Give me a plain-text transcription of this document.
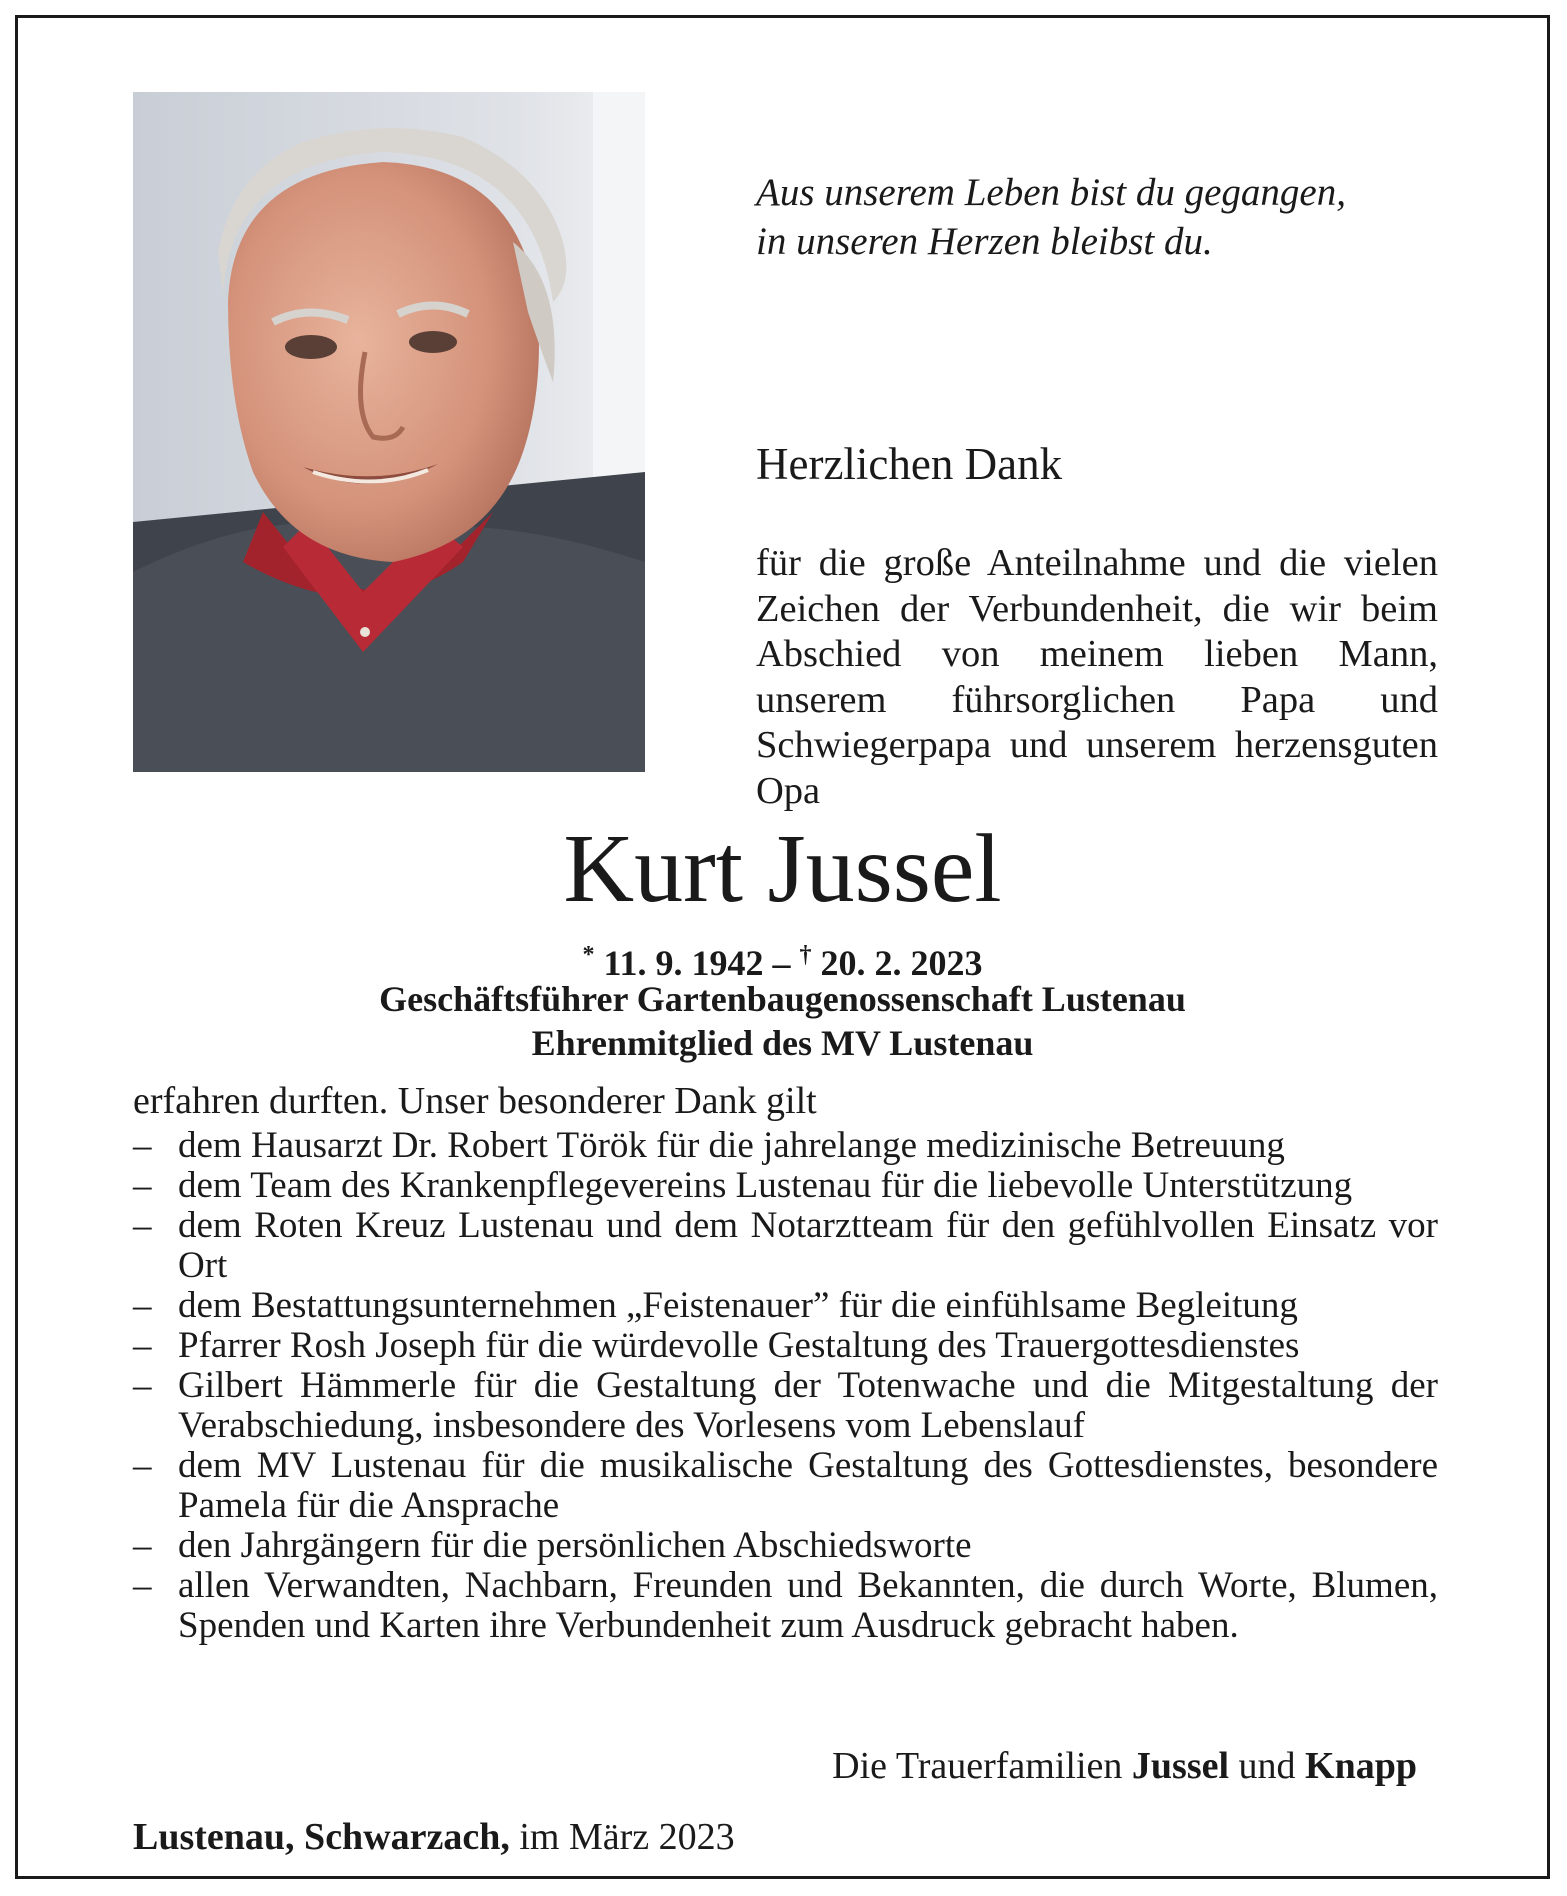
Aus unserem Leben bist du gegangen,
in unseren Herzen bleibst du.
Herzlichen Dank
für die große Anteilnahme und die vielen Zeichen der Verbundenheit, die wir beim Abschied von meinem lieben Mann, unserem führsorglichen Papa und Schwiegerpapa und unserem herzensguten Opa
Kurt Jussel
* 11. 9. 1942 – † 20. 2. 2023
Geschäftsführer Gartenbaugenossenschaft Lustenau
Ehrenmitglied des MV Lustenau
erfahren durften. Unser besonderer Dank gilt
– dem Hausarzt Dr. Robert Török für die jahrelange medizinische Betreuung
– dem Team des Krankenpflegevereins Lustenau für die liebevolle Unterstützung
– dem Roten Kreuz Lustenau und dem Notarztteam für den gefühlvollen Einsatz vor Ort
– dem Bestattungsunternehmen „Feistenauer” für die einfühlsame Begleitung
– Pfarrer Rosh Joseph für die würdevolle Gestaltung des Trauergottesdienstes
– Gilbert Hämmerle für die Gestaltung der Totenwache und die Mitgestaltung der Verabschiedung, insbesondere des Vorlesens vom Lebenslauf
– dem MV Lustenau für die musikalische Gestaltung des Gottesdienstes, besondere Pamela für die Ansprache
– den Jahrgängern für die persönlichen Abschiedsworte
– allen Verwandten, Nachbarn, Freunden und Bekannten, die durch Worte, Blumen, Spenden und Karten ihre Verbundenheit zum Ausdruck gebracht haben.
Die Trauerfamilien Jussel und Knapp
Lustenau, Schwarzach, im März 2023
